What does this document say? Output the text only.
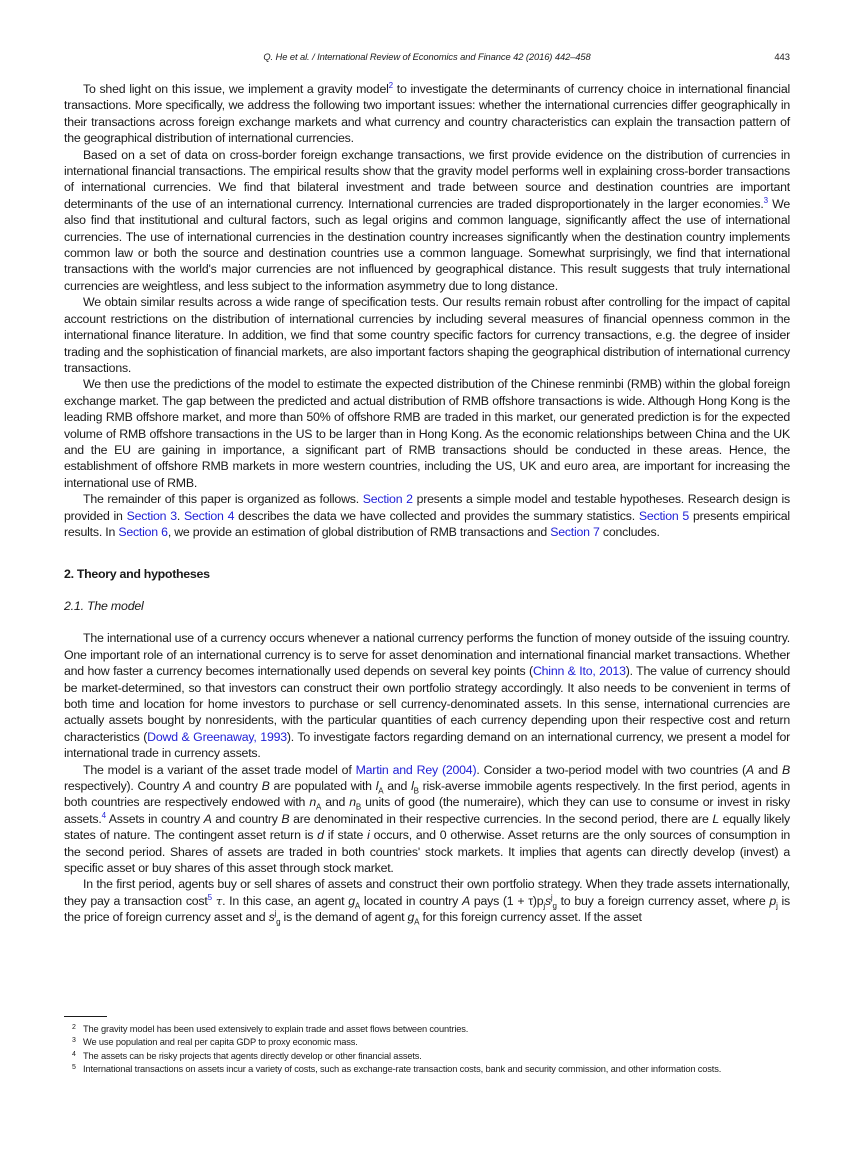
Q. He et al. / International Review of Economics and Finance 42 (2016) 442–458	443

To shed light on this issue, we implement a gravity model$^2$ to investigate the determinants of currency choice in international financial transactions. More specifically, we address the following two important issues: whether the international currencies differ geographically in their transactions across foreign exchange markets and what currency and country characteristics can explain the transaction pattern of the geographical distribution of international currencies.

Based on a set of data on cross-border foreign exchange transactions, we first provide evidence on the distribution of currencies in international financial transactions. The empirical results show that the gravity model performs well in explaining cross-border transactions of international currencies. We find that bilateral investment and trade between source and destination countries are important determinants of the use of an international currency. International currencies are traded disproportionately in the larger economies.$^3$ We also find that institutional and cultural factors, such as legal origins and common language, significantly affect the use of international currencies. The use of international currencies in the destination country increases significantly when the destination country implements common law or both the source and destination countries use a common language. Somewhat surprisingly, we find that international transactions with the world's major currencies are not influenced by geographical distance. This result suggests that truly international currencies are weightless, and less subject to the information asymmetry due to long distance.

We obtain similar results across a wide range of specification tests. Our results remain robust after controlling for the impact of capital account restrictions on the distribution of international currencies by including several measures of financial openness common in the international finance literature. In addition, we find that some country specific factors for currency transactions, e.g. the degree of insider trading and the sophistication of financial markets, are also important factors shaping the geographical distribution of international currency transactions.

We then use the predictions of the model to estimate the expected distribution of the Chinese renminbi (RMB) within the global foreign exchange market. The gap between the predicted and actual distribution of RMB offshore transactions is wide. Although Hong Kong is the leading RMB offshore market, and more than 50% of offshore RMB are traded in this market, our generated prediction is for the expected volume of RMB offshore transactions in the US to be larger than in Hong Kong. As the economic relationships between China and the UK and the EU are gaining in importance, a significant part of RMB transactions should be conducted in these areas. Hence, the establishment of offshore RMB markets in more western countries, including the US, UK and euro area, are important for increasing the international use of RMB.

The remainder of this paper is organized as follows. Section 2 presents a simple model and testable hypotheses. Research design is provided in Section 3. Section 4 describes the data we have collected and provides the summary statistics. Section 5 presents empirical results. In Section 6, we provide an estimation of global distribution of RMB transactions and Section 7 concludes.

2. Theory and hypotheses
2.1. The model

The international use of a currency occurs whenever a national currency performs the function of money outside of the issuing country. One important role of an international currency is to serve for asset denomination and international financial market transactions. Whether and how faster a currency becomes internationally used depends on several key points (Chinn & Ito, 2013). The value of currency should be market-determined, so that investors can construct their own portfolio strategy accordingly. It also needs to be convenient in terms of both time and location for home investors to purchase or sell currency-denominated assets. In this sense, international currencies are actually assets bought by nonresidents, with the particular quantities of each currency depending upon their respective cost and return characteristics (Dowd & Greenaway, 1993). To investigate factors regarding demand on an international currency, we present a model for international trade in currency assets.

The model is a variant of the asset trade model of Martin and Rey (2004). Consider a two-period model with two countries (A and B respectively). Country A and country B are populated with $l_A$ and $l_B$ risk-averse immobile agents respectively. In the first period, agents in both countries are respectively endowed with $n_A$ and $n_B$ units of good (the numeraire), which they can use to consume or invest in risky assets.$^4$ Assets in country A and country B are denominated in their respective currencies. In the second period, there are L equally likely states of nature. The contingent asset return is d if state i occurs, and 0 otherwise. Asset returns are the only sources of consumption in the second period. Shares of assets are traded in both countries' stock markets. It implies that agents can directly develop (invest) a specific asset or buy shares of this asset through stock market.

In the first period, agents buy or sell shares of assets and construct their own portfolio strategy. When they trade assets internationally, they pay a transaction cost$^5$ τ. In this case, an agent $g_A$ located in country A pays $(1 + \tau)p_js^j_g$ to buy a foreign currency asset, where $p_j$ is the price of foreign currency asset and $s^j_g$ is the demand of agent $g_A$ for this foreign currency asset. If the asset

2 The gravity model has been used extensively to explain trade and asset flows between countries.
3 We use population and real per capita GDP to proxy economic mass.
4 The assets can be risky projects that agents directly develop or other financial assets.
5 International transactions on assets incur a variety of costs, such as exchange-rate transaction costs, bank and security commission, and other information costs.
